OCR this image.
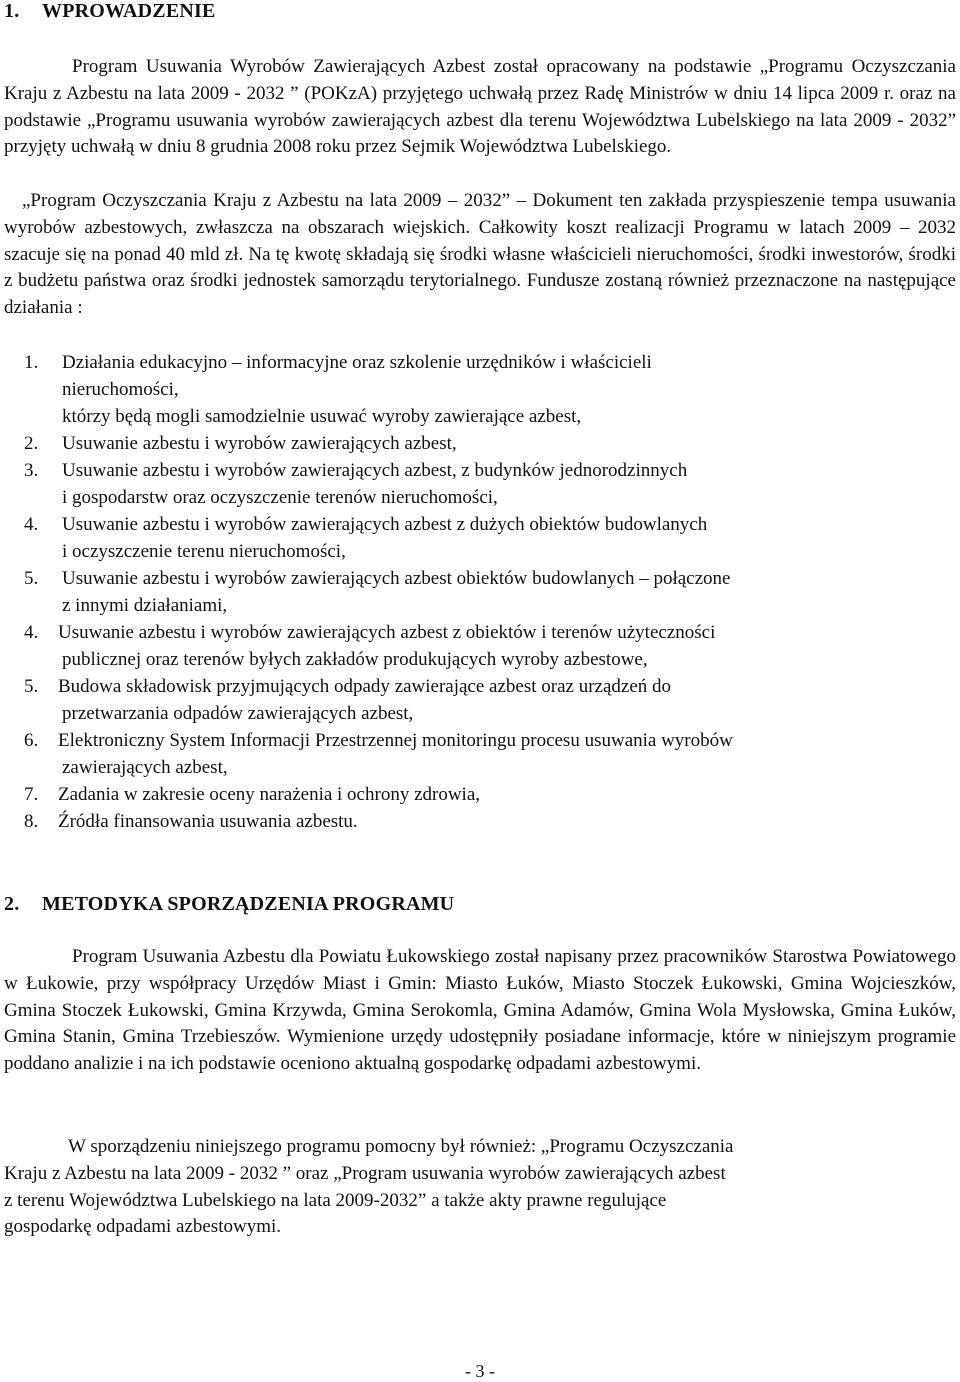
1. WPROWADZENIE

Program Usuwania Wyrobów Zawierających Azbest został opracowany na podstawie „Programu Oczyszczania Kraju z Azbestu na lata 2009 - 2032 ” (POKzA) przyjętego uchwałą przez Radę Ministrów w dniu 14 lipca 2009 r. oraz na podstawie „Programu usuwania wyrobów zawierających azbest dla terenu Województwa Lubelskiego na lata 2009 - 2032” przyjęty uchwałą w dniu 8 grudnia 2008 roku przez Sejmik Województwa Lubelskiego.

„Program Oczyszczania Kraju z Azbestu na lata 2009 – 2032” – Dokument ten zakłada przyspieszenie tempa usuwania wyrobów azbestowych, zwłaszcza na obszarach wiejskich. Całkowity koszt realizacji Programu w latach 2009 – 2032 szacuje się na ponad 40 mld zł. Na tę kwotę składają się środki własne właścicieli nieruchomości, środki inwestorów, środki z budżetu państwa oraz środki jednostek samorządu terytorialnego. Fundusze zostaną również przeznaczone na następujące działania :

1.	Działania edukacyjno – informacyjne oraz szkolenie urzędników i właścicieli
nieruchomości,
którzy będą mogli samodzielnie usuwać wyroby zawierające azbest,
2.	Usuwanie azbestu i wyrobów zawierających azbest,
3.	Usuwanie azbestu i wyrobów zawierających azbest, z budynków jednorodzinnych
i gospodarstw oraz oczyszczenie terenów nieruchomości,
4.	Usuwanie azbestu i wyrobów zawierających azbest z dużych obiektów budowlanych
i oczyszczenie terenu nieruchomości,
5.	Usuwanie azbestu i wyrobów zawierających azbest obiektów budowlanych – połączone
z innymi działaniami,
4.	Usuwanie azbestu i wyrobów zawierających azbest z obiektów i terenów użyteczności
publicznej oraz terenów byłych zakładów produkujących wyroby azbestowe,
5.	Budowa składowisk przyjmujących odpady zawierające azbest oraz urządzeń do
przetwarzania odpadów zawierających azbest,
6.	Elektroniczny System Informacji Przestrzennej monitoringu procesu usuwania wyrobów
zawierających azbest,
7.	Zadania w zakresie oceny narażenia i ochrony zdrowia,
8.	Źródła finansowania usuwania azbestu.
2. METODYKA SPORZĄDZENIA PROGRAMU

Program Usuwania Azbestu dla Powiatu Łukowskiego został napisany przez pracowników Starostwa Powiatowego w Łukowie, przy współpracy Urzędów Miast i Gmin: Miasto Łuków, Miasto Stoczek Łukowski, Gmina Wojcieszków, Gmina Stoczek Łukowski, Gmina Krzywda, Gmina Serokomla, Gmina Adamów, Gmina Wola Mysłowska, Gmina Łuków, Gmina Stanin, Gmina Trzebieszów. Wymienione urzędy udostępniły posiadane informacje, które w niniejszym programie poddano analizie i na ich podstawie oceniono aktualną gospodarkę odpadami azbestowymi.

W sporządzeniu niniejszego programu pomocny był również: „Programu Oczyszczania
Kraju z Azbestu na lata 2009 - 2032 ” oraz „Program usuwania wyrobów zawierających azbest
z terenu Województwa Lubelskiego na lata 2009-2032” a także akty prawne regulujące
gospodarkę odpadami azbestowymi.
- 3 -
